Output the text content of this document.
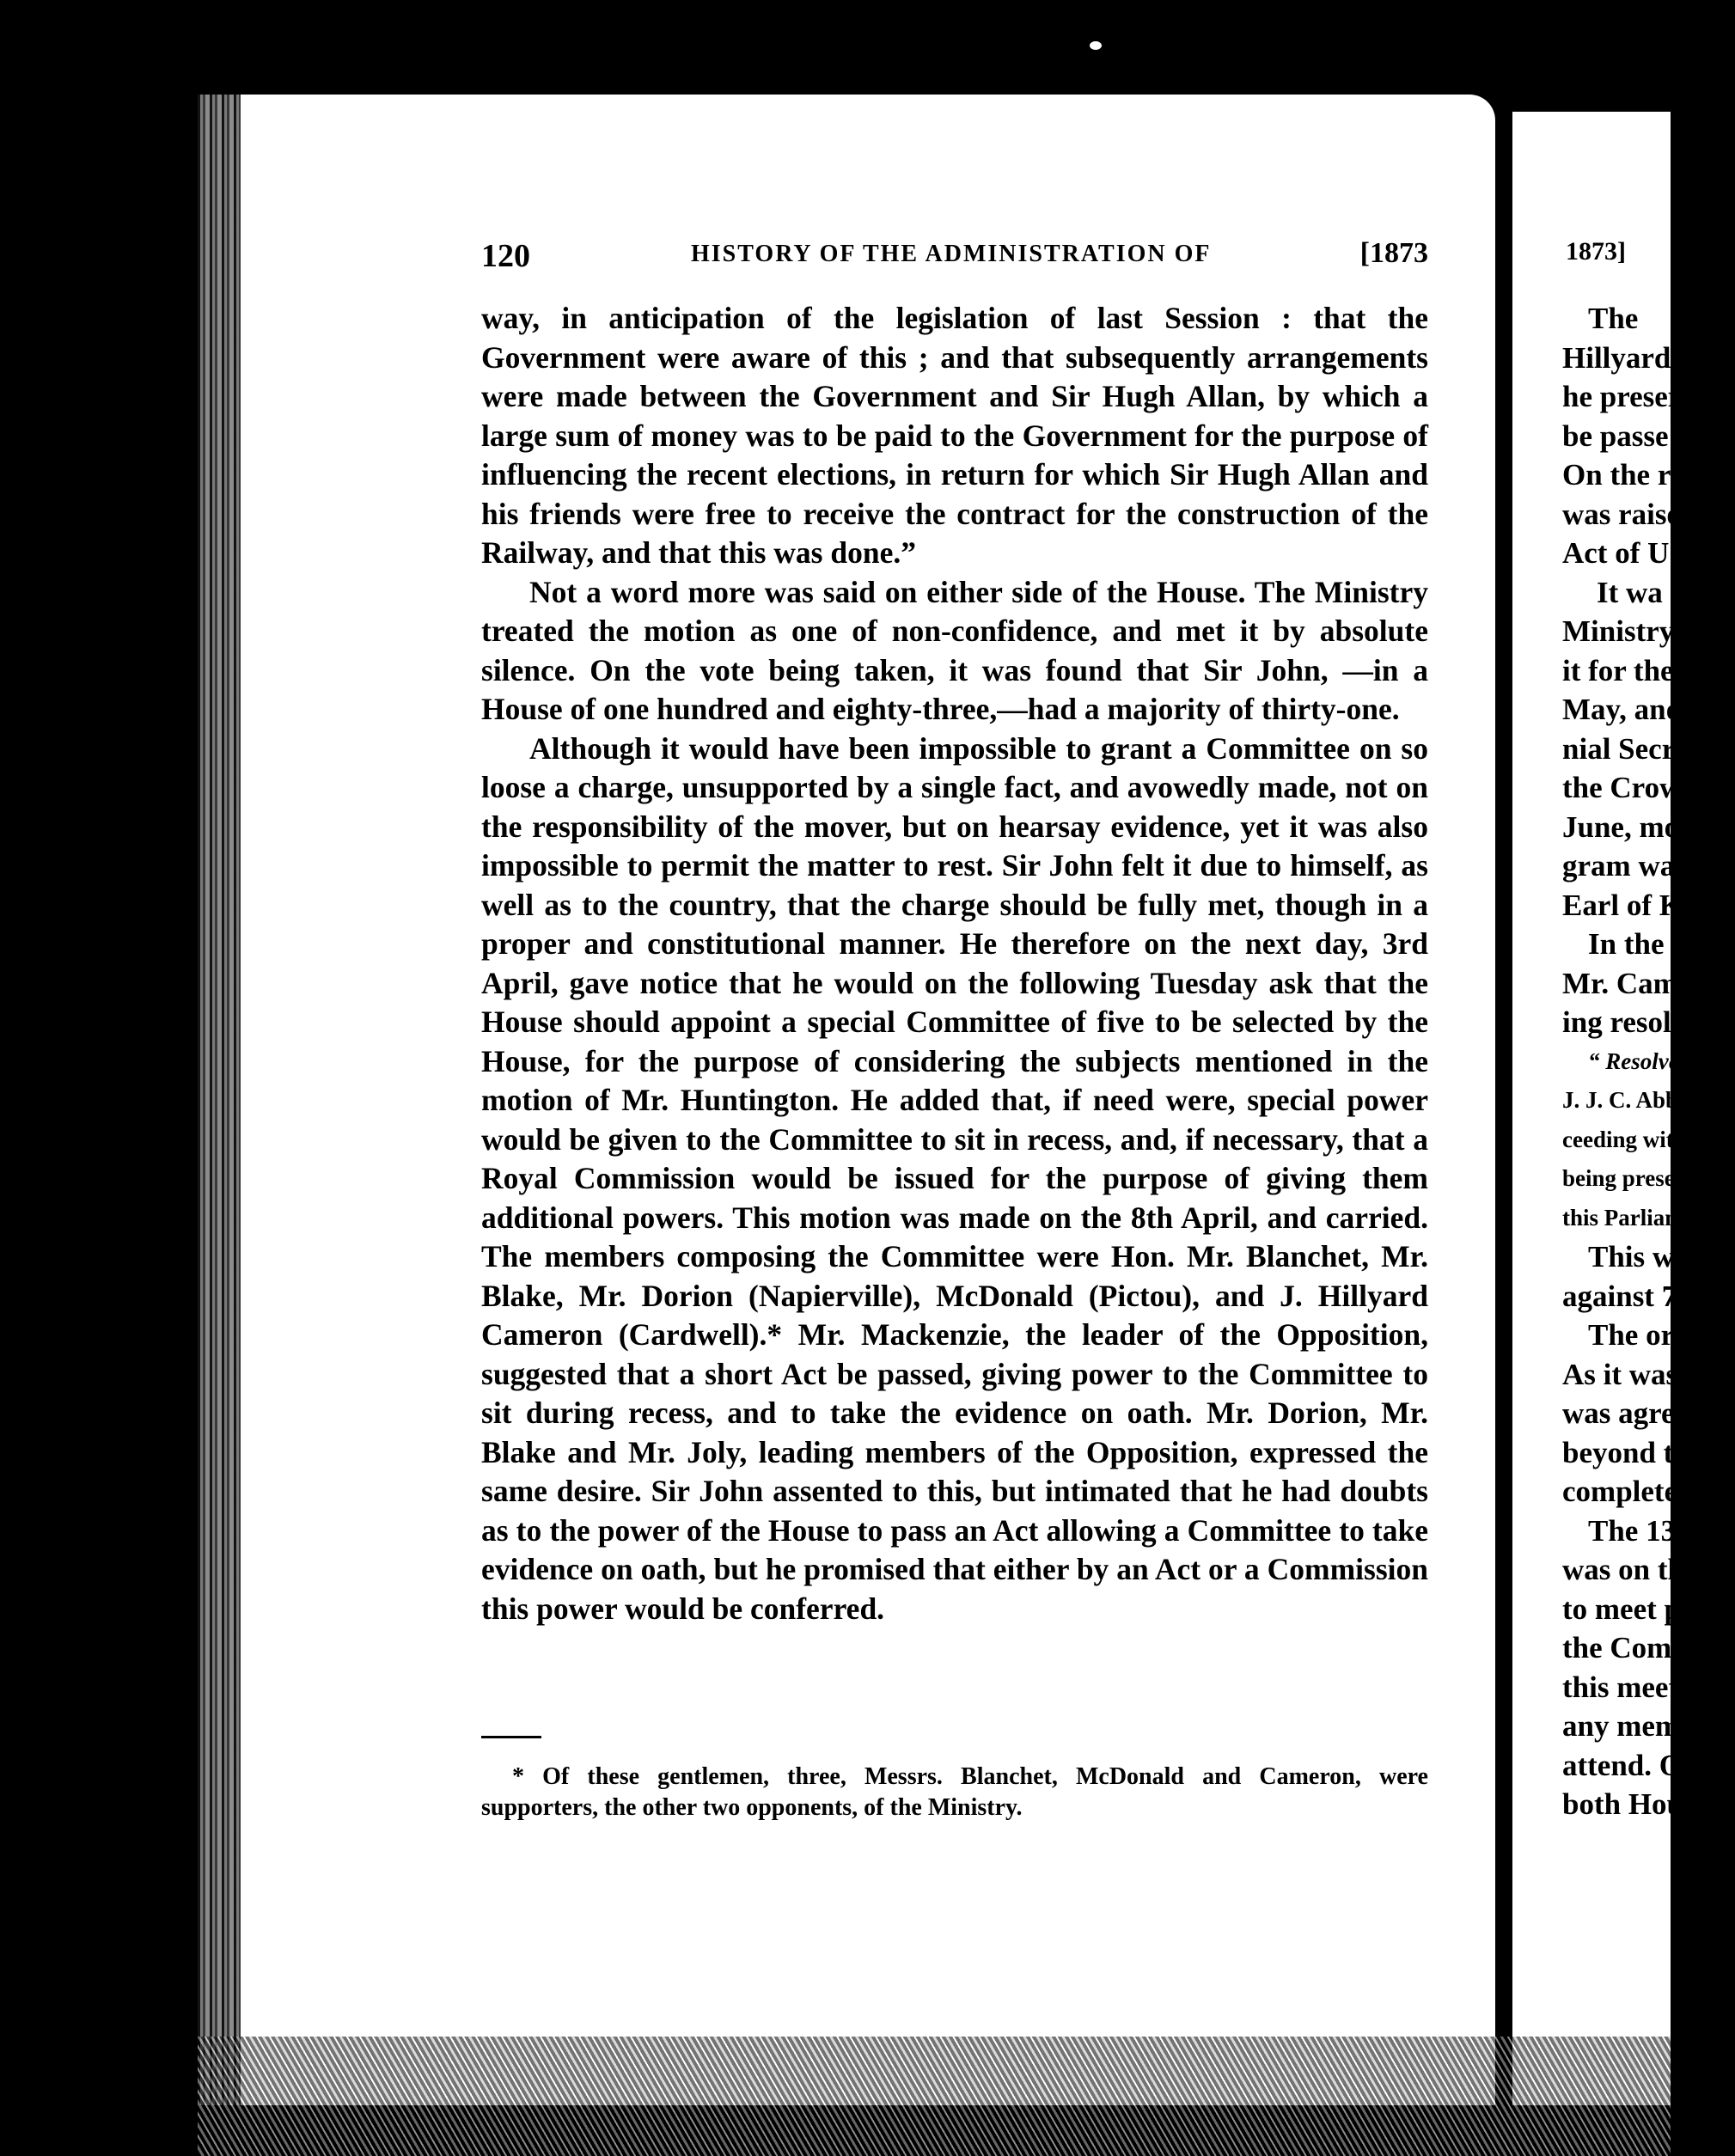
120	HISTORY OF THE ADMINISTRATION OF	[1873

way, in anticipation of the legislation of last Session : that the Government were aware of this ; and that subsequently arrangements were made between the Government and Sir Hugh Allan, by which a large sum of money was to be paid to the Government for the purpose of influencing the recent elections, in return for which Sir Hugh Allan and his friends were free to receive the contract for the construction of the Railway, and that this was done.”

Not a word more was said on either side of the House. The Ministry treated the motion as one of non-confidence, and met it by absolute silence. On the vote being taken, it was found that Sir John, —in a House of one hundred and eighty-three,—had a majority of thirty-one.

Although it would have been impossible to grant a Committee on so loose a charge, unsupported by a single fact, and avowedly made, not on the responsibility of the mover, but on hearsay evidence, yet it was also impossible to permit the matter to rest. Sir John felt it due to himself, as well as to the country, that the charge should be fully met, though in a proper and constitutional manner. He therefore on the next day, 3rd April, gave notice that he would on the following Tuesday ask that the House should appoint a special Committee of five to be selected by the House, for the purpose of considering the subjects mentioned in the motion of Mr. Huntington. He added that, if need were, special power would be given to the Committee to sit in recess, and, if necessary, that a Royal Commission would be issued for the purpose of giving them additional powers. This motion was made on the 8th April, and carried. The members composing the Committee were Hon. Mr. Blanchet, Mr. Blake, Mr. Dorion (Napierville), McDonald (Pictou), and J. Hillyard Cameron (Cardwell).* Mr. Mackenzie, the leader of the Opposition, suggested that a short Act be passed, giving power to the Committee to sit during recess, and to take the evidence on oath. Mr. Dorion, Mr. Blake and Mr. Joly, leading members of the Opposition, expressed the same desire. Sir John assented to this, but intimated that he had doubts as to the power of the House to pass an Act allowing a Committee to take evidence on oath, but he promised that either by an Act or a Commission this power would be conferred.

* Of these gentlemen, three, Messrs. Blanchet, McDonald and Cameron, were supporters, the other two opponents, of the Ministry.
1873]
The
Hillyard
he preser
be passe
On the r
was raise
Act of U
It wa
Ministry,
it for the
May, and
nial Secre
the Crow
June, mor
gram was r
Earl of Ki
In the
Mr. Camer
ing resolut
“ Resolve
J. J. C. Abbo
ceeding with
being present
this Parliamen
This was
against 76 r
The ord
As it was co
was agreed t
beyond the
complete the
The 13th
was on the 2
to meet pro
the Committ
this meeting
any members
attend. On t
both Houses
